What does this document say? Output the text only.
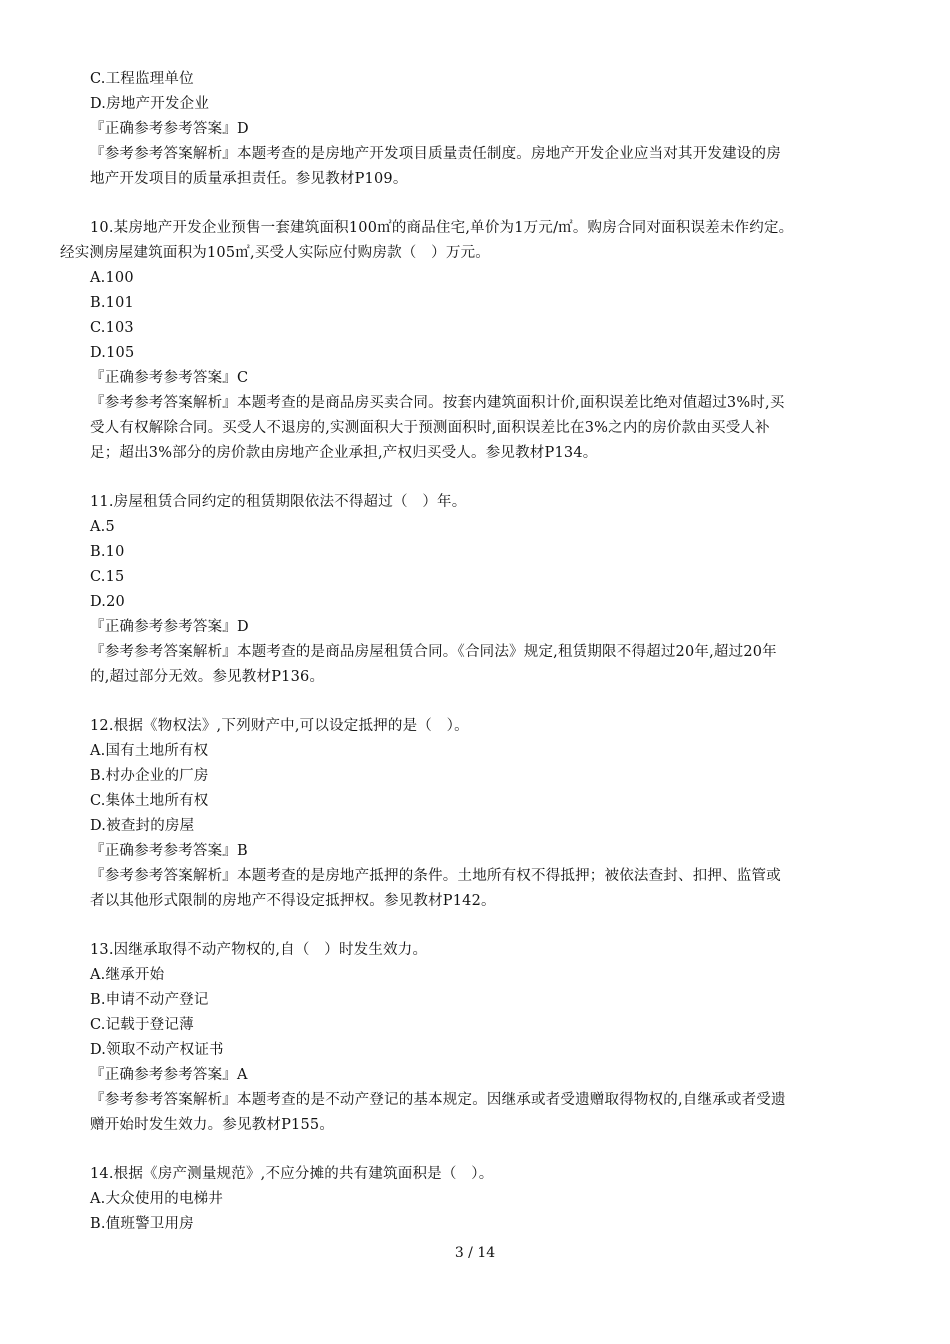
C.工程监理单位
D.房地产开发企业
『正确参考参考答案』D
『参考参考答案解析』本题考查的是房地产开发项目质量责任制度。房地产开发企业应当对其开发建设的房
地产开发项目的质量承担责任。参见教材P109。
10.某房地产开发企业预售一套建筑面积100㎡的商品住宅,单价为1万元/㎡。购房合同对面积误差未作约定。
经实测房屋建筑面积为105㎡,买受人实际应付购房款（　）万元。
A.100
B.101
C.103
D.105
『正确参考参考答案』C
『参考参考答案解析』本题考查的是商品房买卖合同。按套内建筑面积计价,面积误差比绝对值超过3%时,买
受人有权解除合同。买受人不退房的,实测面积大于预测面积时,面积误差比在3%之内的房价款由买受人补
足；超出3%部分的房价款由房地产企业承担,产权归买受人。参见教材P134。
11.房屋租赁合同约定的租赁期限依法不得超过（　）年。
A.5
B.10
C.15
D.20
『正确参考参考答案』D
『参考参考答案解析』本题考查的是商品房屋租赁合同。《合同法》规定,租赁期限不得超过20年,超过20年
的,超过部分无效。参见教材P136。
12.根据《物权法》,下列财产中,可以设定抵押的是（　）。
A.国有土地所有权
B.村办企业的厂房
C.集体土地所有权
D.被查封的房屋
『正确参考参考答案』B
『参考参考答案解析』本题考查的是房地产抵押的条件。土地所有权不得抵押；被依法查封、扣押、监管或
者以其他形式限制的房地产不得设定抵押权。参见教材P142。
13.因继承取得不动产物权的,自（　）时发生效力。
A.继承开始
B.申请不动产登记
C.记载于登记薄
D.领取不动产权证书
『正确参考参考答案』A
『参考参考答案解析』本题考查的是不动产登记的基本规定。因继承或者受遗赠取得物权的,自继承或者受遗
赠开始时发生效力。参见教材P155。
14.根据《房产测量规范》,不应分摊的共有建筑面积是（　）。
A.大众使用的电梯井
B.值班警卫用房
3 / 14
